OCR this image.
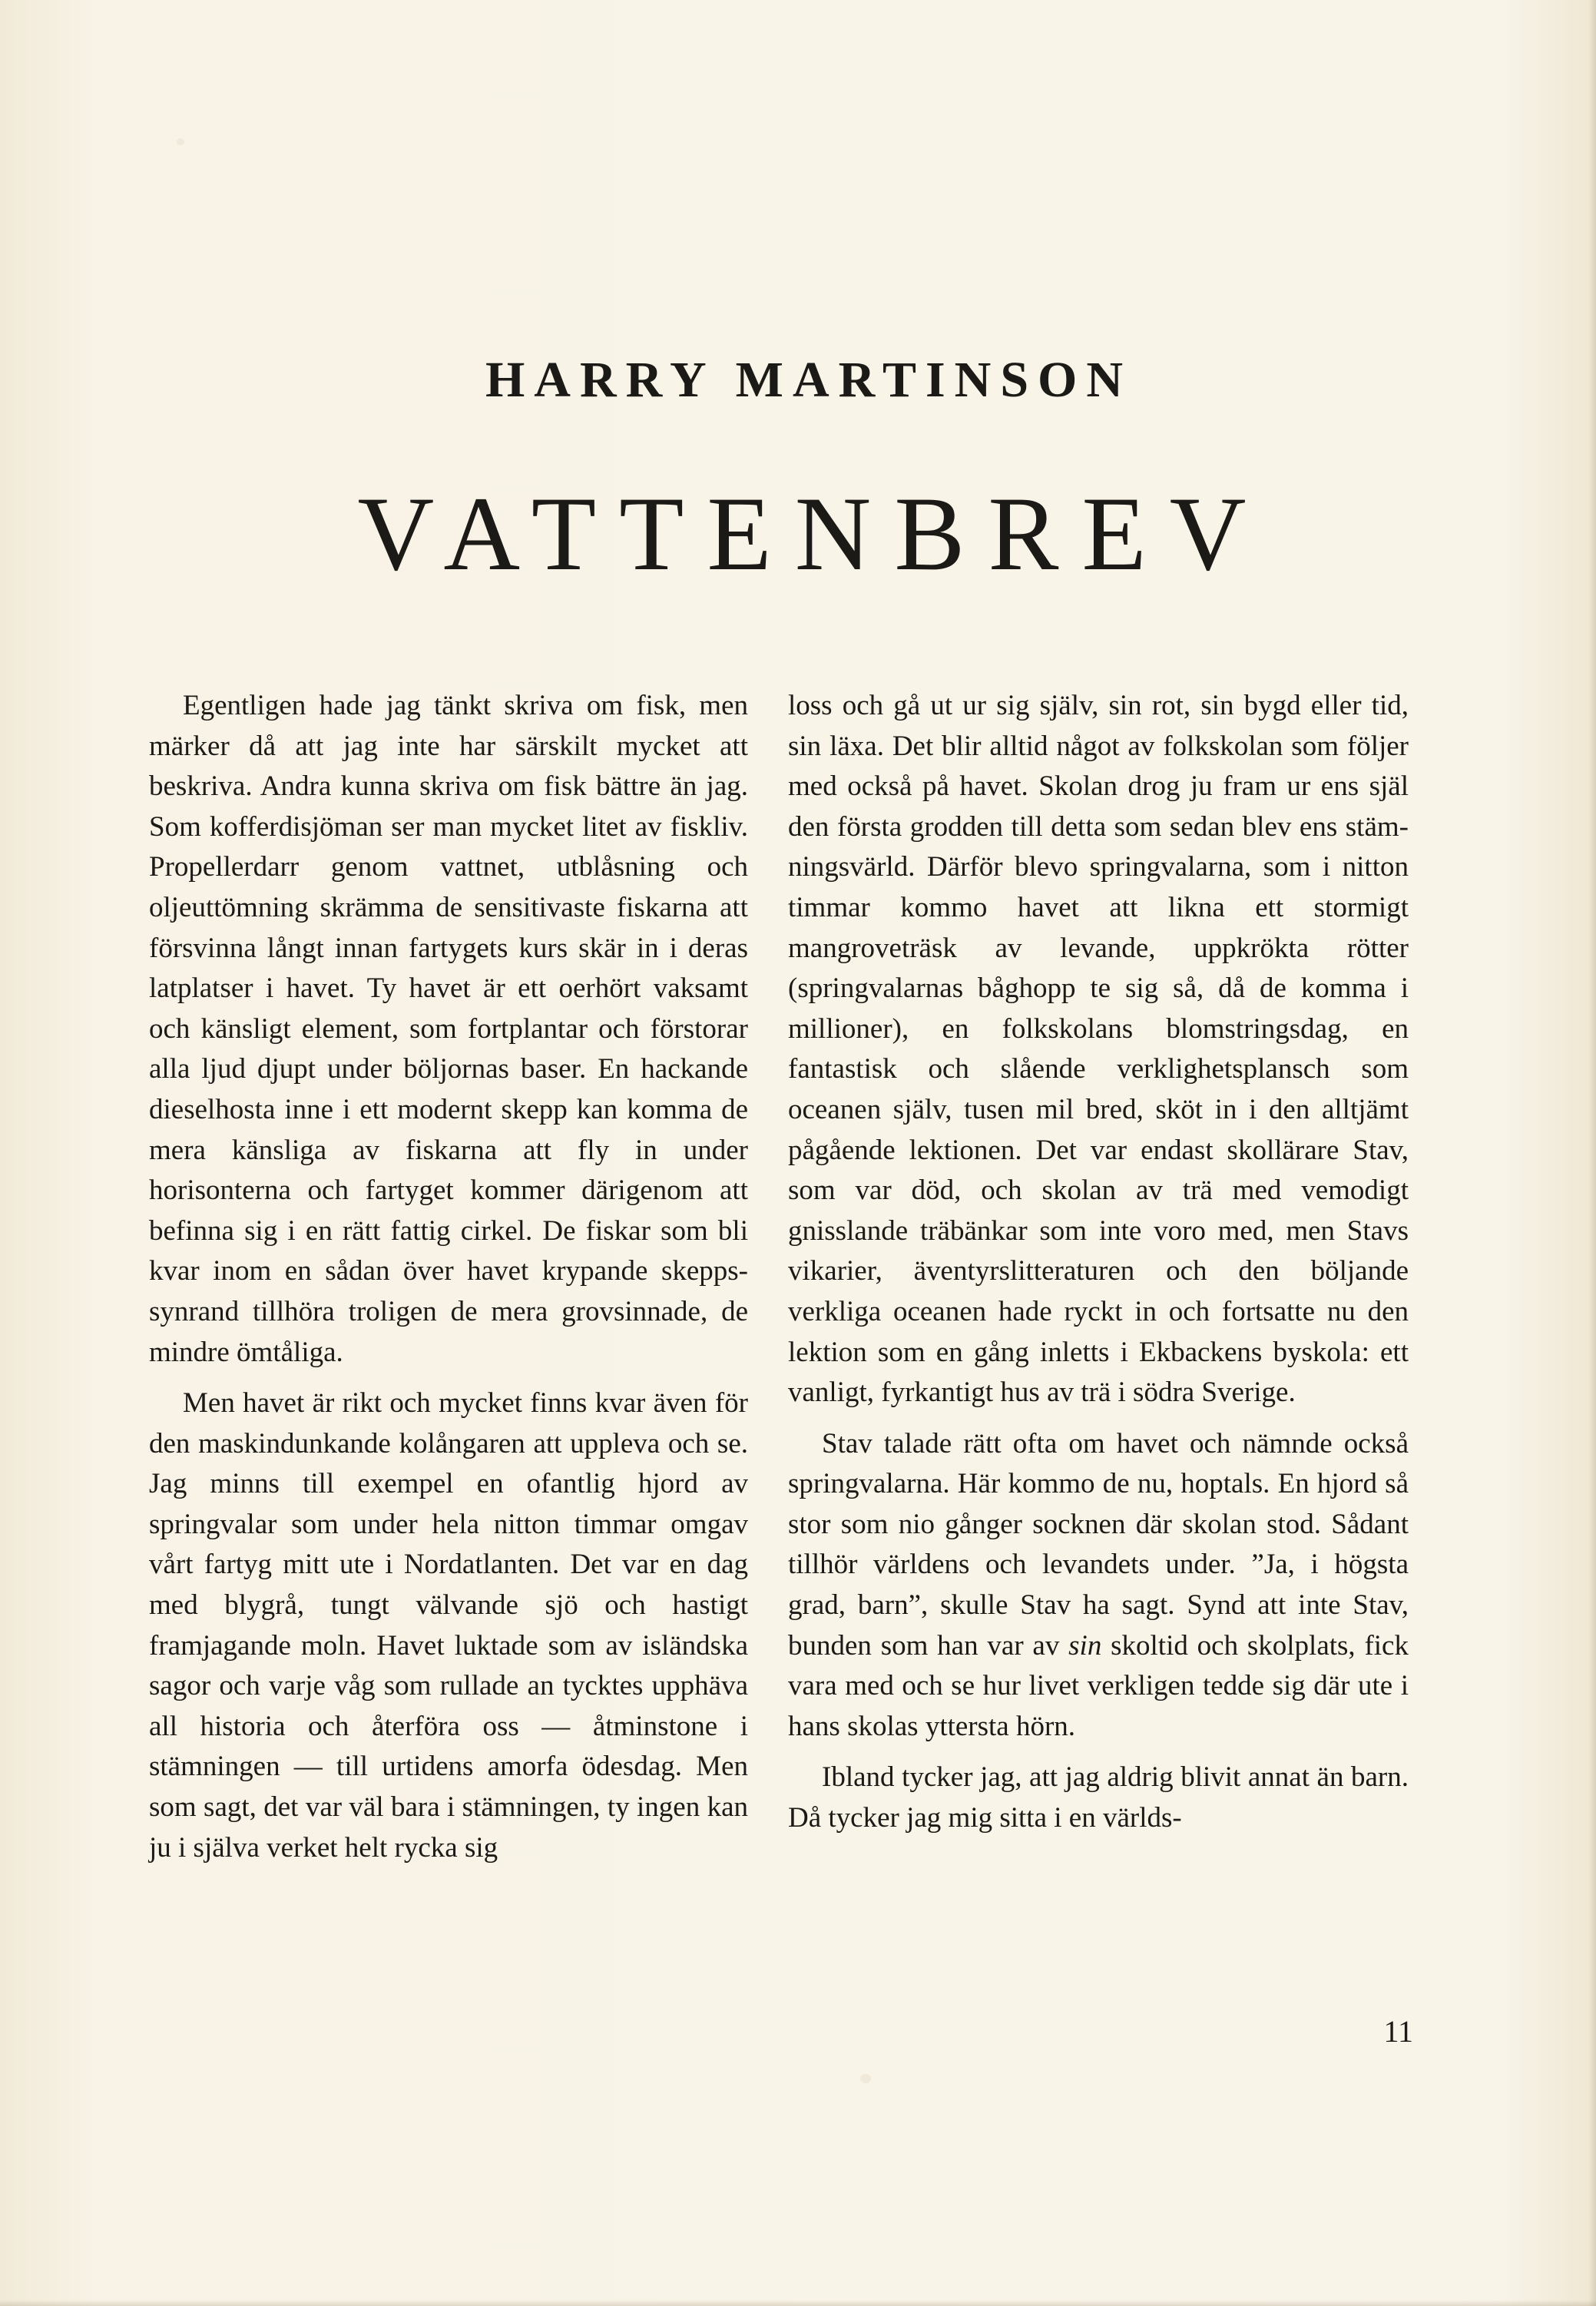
HARRY MARTINSON
VATTENBREV

Egentligen hade jag tänkt skriva om fisk, men märker då att jag inte har särskilt mycket att beskriva. Andra kunna skriva om fisk bättre än jag. Som kofferdisjöman ser man mycket litet av fiskliv. Propellerdarr genom vattnet, utblåsning och oljeuttömning skrämma de sensitivaste fiskarna att försvinna långt innan fartygets kurs skär in i deras latplatser i havet. Ty havet är ett oerhört vaksamt och känsligt element, som fortplantar och förstorar alla ljud djupt under böljornas baser. En hackande dieselhosta inne i ett modernt skepp kan komma de mera känsliga av fiskarna att fly in under horisonterna och fartyget kommer därigenom att befinna sig i en rätt fattig cirkel. De fiskar som bli kvar inom en sådan över havet krypande skeppssynrand tillhöra troligen de mera grovsinnade, de mindre ömtåliga.

Men havet är rikt och mycket finns kvar även för den maskindunkande kolångaren att uppleva och se. Jag minns till exempel en ofantlig hjord av springvalar som under hela nitton timmar omgav vårt fartyg mitt ute i Nordatlanten. Det var en dag med blygrå, tungt välvande sjö och hastigt framjagande moln. Havet luktade som av isländska sagor och varje våg som rullade an tycktes upphäva all historia och återföra oss — åtminstone i stämningen — till urtidens amorfa ödesdag. Men som sagt, det var väl bara i stämningen, ty ingen kan ju i själva verket helt rycka sig

loss och gå ut ur sig själv, sin rot, sin bygd eller tid, sin läxa. Det blir alltid något av folkskolan som följer med också på havet. Skolan drog ju fram ur ens själ den första grodden till detta som sedan blev ens stämningsvärld. Därför blevo springvalarna, som i nitton timmar kommo havet att likna ett stormigt mangroveträsk av levande, uppkrökta rötter (springvalarnas båghopp te sig så, då de komma i millioner), en folkskolans blomstringsdag, en fantastisk och slående verklighetsplansch som oceanen själv, tusen mil bred, sköt in i den alltjämt pågående lektionen. Det var endast skollärare Stav, som var död, och skolan av trä med vemodigt gnisslande träbänkar som inte voro med, men Stavs vikarier, äventyrslitteraturen och den böljande verkliga oceanen hade ryckt in och fortsatte nu den lektion som en gång inletts i Ekbackens byskola: ett vanligt, fyrkantigt hus av trä i södra Sverige.

Stav talade rätt ofta om havet och nämnde också springvalarna. Här kommo de nu, hoptals. En hjord så stor som nio gånger socknen där skolan stod. Sådant tillhör världens och levandets under. ”Ja, i högsta grad, barn”, skulle Stav ha sagt. Synd att inte Stav, bunden som han var av sin skoltid och skolplats, fick vara med och se hur livet verkligen tedde sig där ute i hans skolas yttersta hörn.

Ibland tycker jag, att jag aldrig blivit annat än barn. Då tycker jag mig sitta i en världs-

11
